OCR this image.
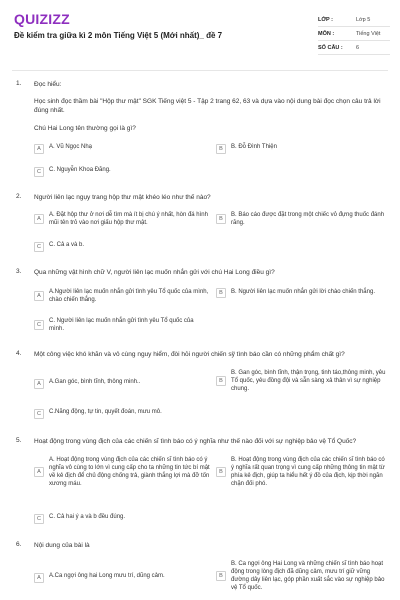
QUIZIZZ
Đề kiểm tra giữa kì 2 môn Tiếng Việt 5 (Mới nhất)_ đề 7
LỚP :	Lớp 5
MÔN :	Tiếng Việt
SỐ CÂU :	6
1. Đọc hiểu:
Học sinh đọc thầm bài "Hộp thư mật" SGK Tiếng việt 5 - Tập 2 trang 62, 63 và dựa vào nội dung bài đọc chọn câu trả lời đúng nhất.
Chú Hai Long tên thường gọi là gì?
A	A. Vũ Ngọc Nhạ	B	B. Đỗ Đình Thiện
C	C. Nguyễn Khoa Đăng.
2. Người liên lạc ngụy trang hộp thư mật khéo léo như thế nào?
A
A. Đặt hộp thư ở nơi dễ tìm mà ít bị chú ý nhất, hòn đá hình mũi tên trỏ vào nơi giấu hộp thư mật.
B
B. Báo cáo được đặt trong một chiếc vỏ đựng thuốc đánh răng.
C	C. Cả a và b.
3. Qua những vật hình chữ V, người liên lạc muốn nhắn gửi với chú Hai Long điều gì?
A
A.Người liên lạc muốn nhắn gửi tình yêu Tổ quốc của mình, chào chiến thắng.
B	B. Người liên lạc muốn nhắn gửi lời chào chiến thắng.
C
C. Người liên lạc muốn nhắn gửi tình yêu Tổ quốc của mình.
4. Một công việc khó khăn và vô cùng nguy hiểm, đòi hỏi người chiến sỹ tình báo cần có những phẩm chất gì?
A	A.Gan góc, bình tĩnh, thông minh..	B
B. Gan góc, bình tĩnh, thận trọng, tinh táo,thông minh, yêu Tổ quốc, yêu đồng đội và sẵn sàng xả thân vì sự nghiệp chung.
C	C.Năng động, tự tin, quyết đoán, mưu mô.
5. Hoạt động trong vùng địch của các chiến sĩ tình báo có ý nghĩa như thế nào đối với sự nghiệp bảo vệ Tổ Quốc?
A
A. Hoạt động trong vùng địch của các chiến sĩ tình báo có ý nghĩa vô cùng to lớn vì cung cấp cho ta những tin tức bí mật về kẻ địch để chủ động chống trả, giành thắng lợi mà đỡ tốn xương máu.
B
B. Hoạt động trong vùng địch của các chiến sĩ tình báo có ý nghĩa rất quan trọng vì cung cấp những thông tin mật từ phía kẻ địch, giúp ta hiểu hết ý đồ của địch, kịp thời ngăn chặn đối phó.
C	C. Cả hai ý a và b đều đúng.
6. Nội dung của bài là
A	A.Ca ngợi ông hai Long mưu trí, dũng cảm.	B
B. Ca ngợi ông Hai Long và những chiến sĩ tình báo hoạt động trong lòng địch đã dũng cảm, mưu trí giữ vững đường dây liên lạc, góp phần xuất sắc vào sự nghiệp bảo vệ Tổ quốc.
